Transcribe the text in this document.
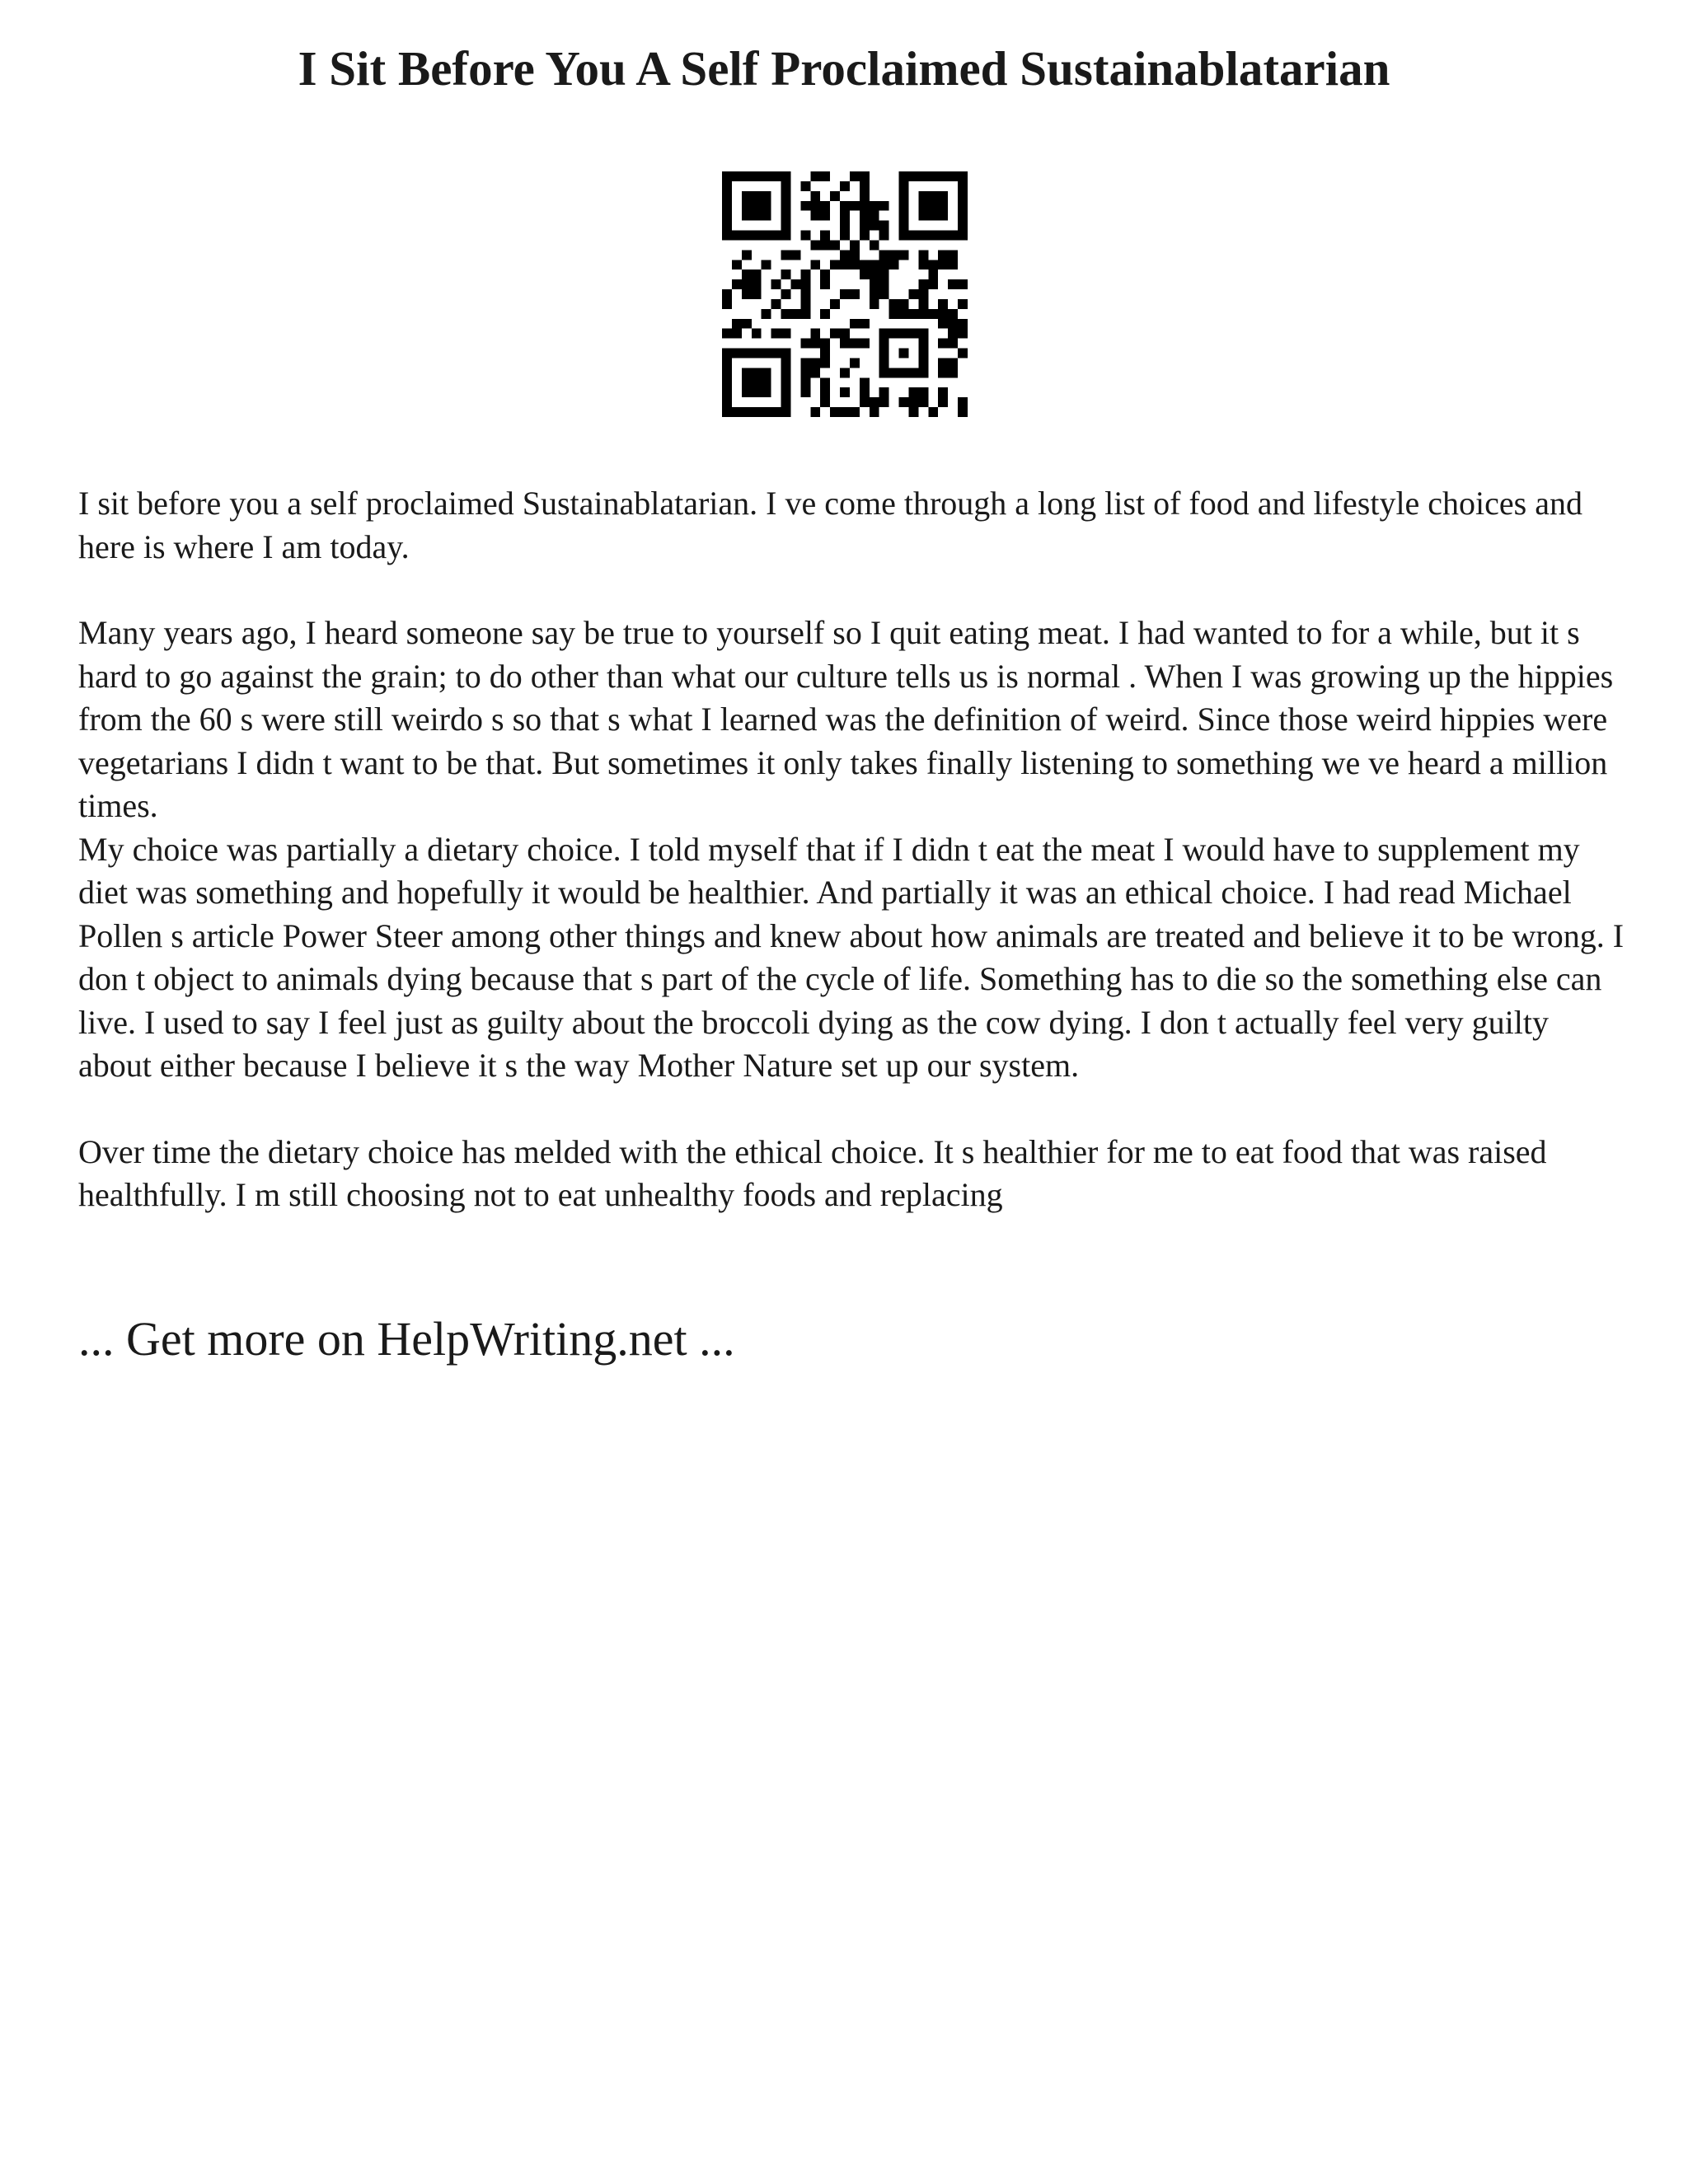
I Sit Before You A Self Proclaimed Sustainablatarian

I sit before you a self proclaimed Sustainablatarian. I ve come through a long list of food and lifestyle choices and here is where I am today.

Many years ago, I heard someone say be true to yourself so I quit eating meat. I had wanted to for a while, but it s hard to go against the grain; to do other than what our culture tells us is normal . When I was growing up the hippies from the 60 s were still weirdo s so that s what I learned was the definition of weird. Since those weird hippies were vegetarians I didn t want to be that. But sometimes it only takes finally listening to something we ve heard a million times.

My choice was partially a dietary choice. I told myself that if I didn t eat the meat I would have to supplement my diet was something and hopefully it would be healthier. And partially it was an ethical choice. I had read Michael Pollen s article Power Steer among other things and knew about how animals are treated and believe it to be wrong. I don t object to animals dying because that s part of the cycle of life. Something has to die so the something else can live. I used to say I feel just as guilty about the broccoli dying as the cow dying. I don t actually feel very guilty about either because I believe it s the way Mother Nature set up our system.

Over time the dietary choice has melded with the ethical choice. It s healthier for me to eat food that was raised healthfully. I m still choosing not to eat unhealthy foods and replacing

... Get more on HelpWriting.net ...
